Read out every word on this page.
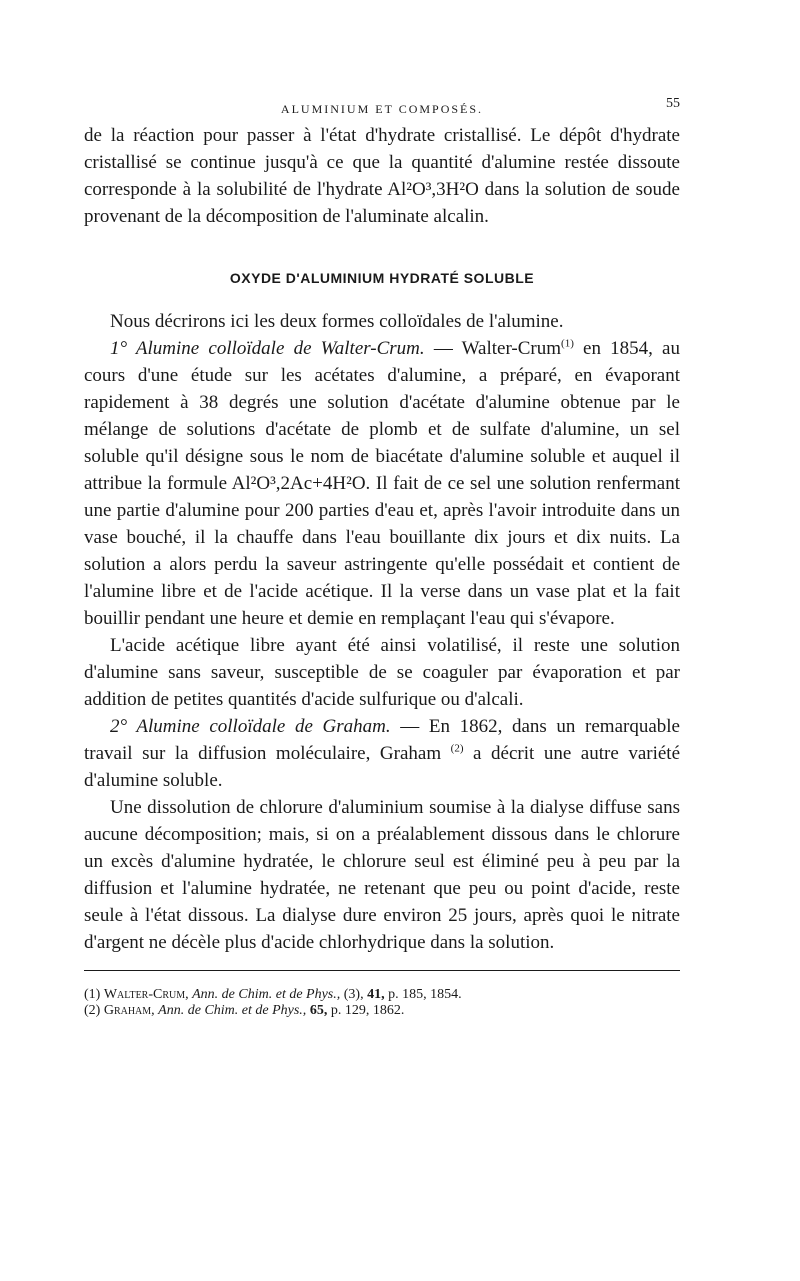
ALUMINIUM ET COMPOSÉS.	55

de la réaction pour passer à l'état d'hydrate cristallisé. Le dépôt d'hydrate cristallisé se continue jusqu'à ce que la quantité d'alumine restée dissoute corresponde à la solubilité de l'hydrate Al²O³,3H²O dans la solution de soude provenant de la décomposition de l'aluminate alcalin.

OXYDE D'ALUMINIUM HYDRATÉ SOLUBLE

Nous décrirons ici les deux formes colloïdales de l'alumine.

1° Alumine colloïdale de Walter-Crum. — Walter-Crum$^{(1)}$ en 1854, au cours d'une étude sur les acétates d'alumine, a préparé, en évaporant rapidement à 38 degrés une solution d'acétate d'alumine obtenue par le mélange de solutions d'acétate de plomb et de sulfate d'alumine, un sel soluble qu'il désigne sous le nom de biacétate d'alumine soluble et auquel il attribue la formule Al²O³,2Ac+4H²O. Il fait de ce sel une solution renfermant une partie d'alumine pour 200 parties d'eau et, après l'avoir introduite dans un vase bouché, il la chauffe dans l'eau bouillante dix jours et dix nuits. La solution a alors perdu la saveur astringente qu'elle possédait et contient de l'alumine libre et de l'acide acétique. Il la verse dans un vase plat et la fait bouillir pendant une heure et demie en remplaçant l'eau qui s'évapore.

L'acide acétique libre ayant été ainsi volatilisé, il reste une solution d'alumine sans saveur, susceptible de se coaguler par évaporation et par addition de petites quantités d'acide sulfurique ou d'alcali.

2° Alumine colloïdale de Graham. — En 1862, dans un remarquable travail sur la diffusion moléculaire, Graham $^{(2)}$ a décrit une autre variété d'alumine soluble.

Une dissolution de chlorure d'aluminium soumise à la dialyse diffuse sans aucune décomposition; mais, si on a préalablement dissous dans le chlorure un excès d'alumine hydratée, le chlorure seul est éliminé peu à peu par la diffusion et l'alumine hydratée, ne retenant que peu ou point d'acide, reste seule à l'état dissous. La dialyse dure environ 25 jours, après quoi le nitrate d'argent ne décèle plus d'acide chlorhydrique dans la solution.

(1) Walter-Crum, Ann. de Chim. et de Phys., (3), 41, p. 185, 1854.

(2) Graham, Ann. de Chim. et de Phys., 65, p. 129, 1862.
